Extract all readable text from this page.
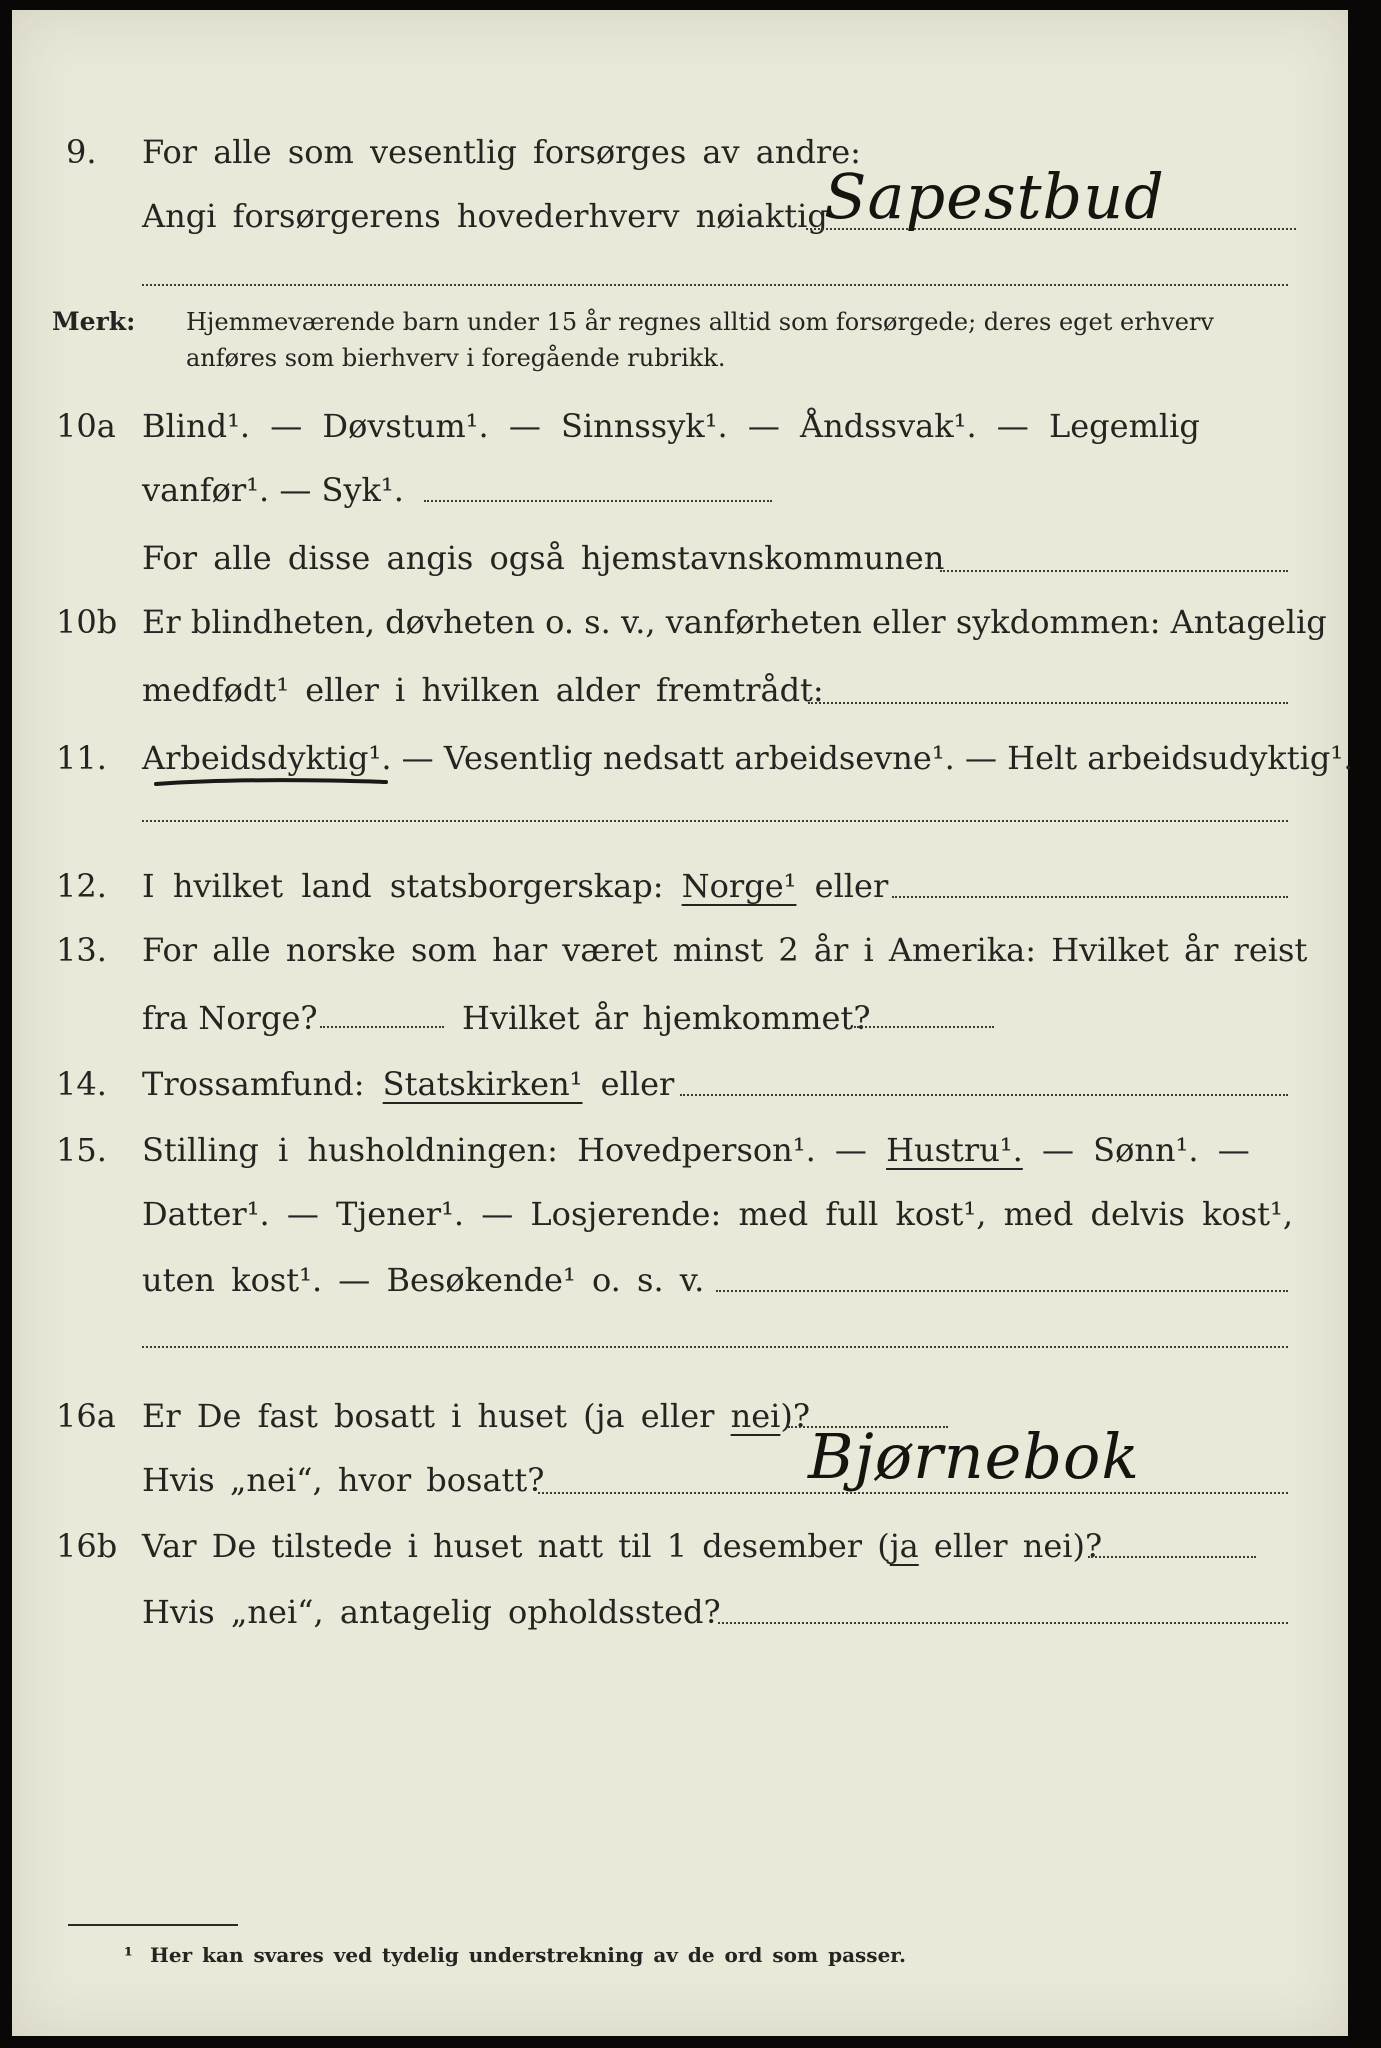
9. For alle som vesentlig forsørges av andre:
Angi forsørgerens hovederhverv nøiaktig
Sapestbud
Merk: Hjemmeværende barn under 15 år regnes alltid som forsørgede; deres eget erhverv
anføres som bierhverv i foregående rubrikk.
10a Blind¹. — Døvstum¹. — Sinnssyk¹. — Åndssvak¹. — Legemlig
vanfør¹. — Syk¹.
For alle disse angis også hjemstavnskommunen
10b Er blindheten, døvheten o. s. v., vanførheten eller sykdommen: Antagelig
medfødt¹ eller i hvilken alder fremtrådt:
11. Arbeidsdyktig¹. — Vesentlig nedsatt arbeidsevne¹. — Helt arbeidsudyktig¹.
12. I hvilket land statsborgerskap: Norge¹ eller
13. For alle norske som har været minst 2 år i Amerika: Hvilket år reist
fra Norge?	Hvilket år hjemkommet?
14. Trossamfund: Statskirken¹ eller
15. Stilling i husholdningen: Hovedperson¹. — Hustru¹. — Sønn¹. —
Datter¹. — Tjener¹. — Losjerende: med full kost¹, med delvis kost¹,
uten kost¹. — Besøkende¹ o. s. v.
16a Er De fast bosatt i huset (ja eller nei)?
Hvis „nei“, hvor bosatt?	Bjørnebok
16b Var De tilstede i huset natt til 1 desember (ja eller nei)?
Hvis „nei“, antagelig opholdssted?
¹ Her kan svares ved tydelig understrekning av de ord som passer.
